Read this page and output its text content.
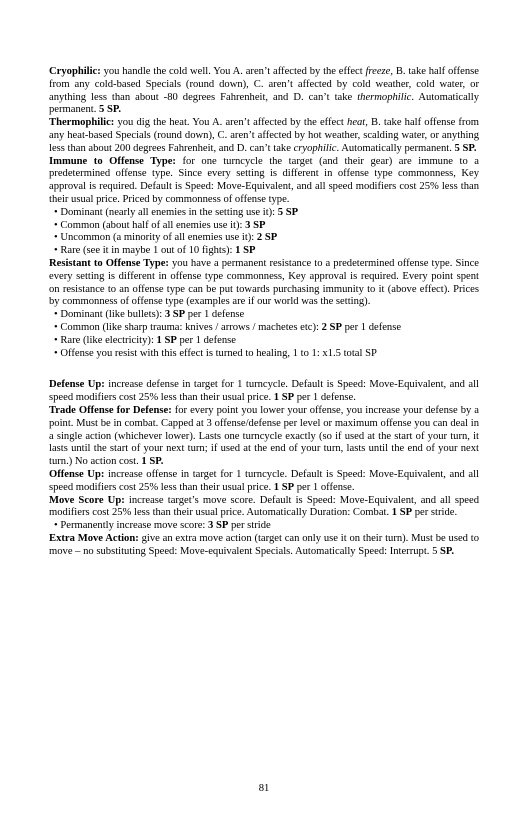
Cryophilic: you handle the cold well. You A. aren’t affected by the effect freeze, B. take half offense from any cold-based Specials (round down), C. aren’t affected by cold weather, cold water, or anything less than about -80 degrees Fahrenheit, and D. can’t take thermophilic. Automatically permanent. 5 SP.

Thermophilic: you dig the heat. You A. aren’t affected by the effect heat, B. take half offense from any heat-based Specials (round down), C. aren’t affected by hot weather, scalding water, or anything less than about 200 degrees Fahrenheit, and D. can’t take cryophilic. Automatically permanent. 5 SP.

Immune to Offense Type: for one turncycle the target (and their gear) are immune to a predetermined offense type. Since every setting is different in offense type commonness, Key approval is required. Default is Speed: Move-Equivalent, and all speed modifiers cost 25% less than their usual price. Priced by commonness of offense type.

• Dominant (nearly all enemies in the setting use it): 5 SP

• Common (about half of all enemies use it): 3 SP

• Uncommon (a minority of all enemies use it): 2 SP

• Rare (see it in maybe 1 out of 10 fights): 1 SP

Resistant to Offense Type: you have a permanent resistance to a predetermined offense type. Since every setting is different in offense type commonness, Key approval is required. Every point spent on resistance to an offense type can be put towards purchasing immunity to it (above effect). Prices by commonness of offense type (examples are if our world was the setting).

• Dominant (like bullets): 3 SP per 1 defense

• Common (like sharp trauma: knives / arrows / machetes etc): 2 SP per 1 defense

• Rare (like electricity): 1 SP per 1 defense

• Offense you resist with this effect is turned to healing, 1 to 1: x1.5 total SP

Defense Up: increase defense in target for 1 turncycle. Default is Speed: Move-Equivalent, and all speed modifiers cost 25% less than their usual price. 1 SP per 1 defense.

Trade Offense for Defense: for every point you lower your offense, you increase your defense by a point. Must be in combat. Capped at 3 offense/defense per level or maximum offense you can deal in a single action (whichever lower). Lasts one turncycle exactly (so if used at the start of your turn, it lasts until the start of your next turn; if used at the end of your turn, lasts until the end of your next turn.) No action cost. 1 SP.

Offense Up: increase offense in target for 1 turncycle. Default is Speed: Move-Equivalent, and all speed modifiers cost 25% less than their usual price. 1 SP per 1 offense.

Move Score Up: increase target’s move score. Default is Speed: Move-Equivalent, and all speed modifiers cost 25% less than their usual price. Automatically Duration: Combat. 1 SP per stride.

• Permanently increase move score: 3 SP per stride

Extra Move Action: give an extra move action (target can only use it on their turn). Must be used to move – no substituting Speed: Move-equivalent Specials. Automatically Speed: Interrupt. 5 SP.

81
